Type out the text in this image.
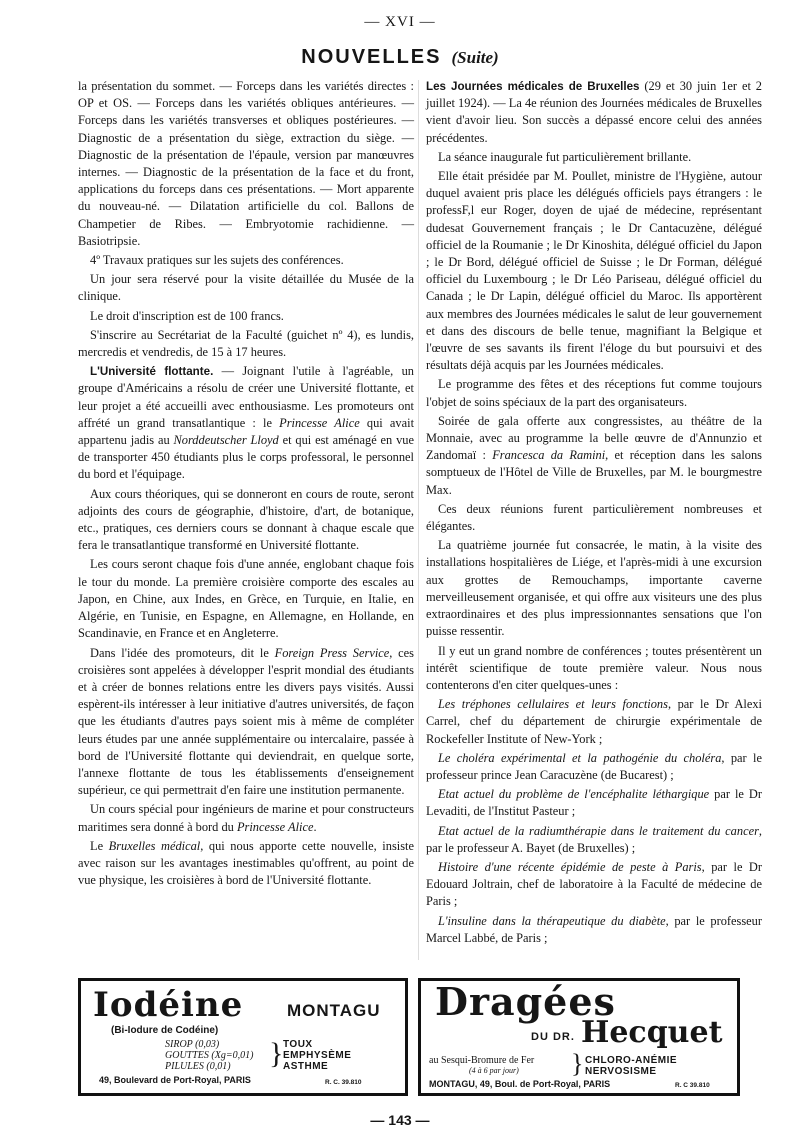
— XVI —
NOUVELLES (Suite)

la présentation du sommet. — Forceps dans les variétés directes : OP et OS. — Forceps dans les variétés obliques antérieures. — Forceps dans les variétés transverses et obliques postérieures. — Diagnostic de a présentation du siège, extraction du siège. — Diagnostic de la présentation de l'épaule, version par manœuvres internes. — Diagnostic de la présentation de la face et du front, applications du forceps dans ces présentations. — Mort apparente du nouveau-né. — Dilatation artificielle du col. Ballons de Champetier de Ribes. — Embryotomie rachidienne. — Basiotripsie.

4º Travaux pratiques sur les sujets des conférences.

Un jour sera réservé pour la visite détaillée du Musée de la clinique.

Le droit d'inscription est de 100 francs.

S'inscrire au Secrétariat de la Faculté (guichet nº 4), es lundis, mercredis et vendredis, de 15 à 17 heures.

L'Université flottante. — Joignant l'utile à l'agréable, un groupe d'Américains a résolu de créer une Université flottante, et leur projet a été accueilli avec enthousiasme. Les promoteurs ont affrété un grand transatlantique : le Princesse Alice qui avait appartenu jadis au Norddeutscher Lloyd et qui est aménagé en vue de transporter 450 étudiants plus le corps professoral, le personnel du bord et l'équipage.

Aux cours théoriques, qui se donneront en cours de route, seront adjoints des cours de géographie, d'histoire, d'art, de botanique, etc., pratiques, ces derniers cours se donnant à chaque escale que fera le transatlantique transformé en Université flottante.

Les cours seront chaque fois d'une année, englobant chaque fois le tour du monde. La première croisière comporte des escales au Japon, en Chine, aux Indes, en Grèce, en Turquie, en Italie, en Algérie, en Tunisie, en Espagne, en Allemagne, en Hollande, en Scandinavie, en France et en Angleterre.

Dans l'idée des promoteurs, dit le Foreign Press Service, ces croisières sont appelées à développer l'esprit mondial des étudiants et à créer de bonnes relations entre les divers pays visités. Aussi espèrent-ils intéresser à leur initiative d'autres universités, de façon que les étudiants d'autres pays soient mis à même de compléter leurs études par une année supplémentaire ou intercalaire, passée à bord de l'Université flottante qui deviendrait, en quelque sorte, l'annexe flottante de tous les établissements d'enseignement supérieur, ce qui permettrait d'en faire une institution permanente.

Un cours spécial pour ingénieurs de marine et pour constructeurs maritimes sera donné à bord du Princesse Alice.

Le Bruxelles médical, qui nous apporte cette nouvelle, insiste avec raison sur les avantages inestimables qu'offrent, au point de vue physique, les croisières à bord de l'Université flottante.

Les Journées médicales de Bruxelles (29 et 30 juin 1er et 2 juillet 1924). — La 4e réunion des Journées médicales de Bruxelles vient d'avoir lieu. Son succès a dépassé encore celui des années précédentes.

La séance inaugurale fut particulièrement brillante.

Elle était présidée par M. Poullet, ministre de l'Hygiène, autour duquel avaient pris place les délégués officiels pays étrangers : le professF,l eur Roger, doyen de ujaé de médecine, représentant dudesat Gouvernement français ; le Dr Cantacuzène, délégué officiel de la Roumanie ; le Dr Kinoshita, délégué officiel du Japon ; le Dr Bord, délégué officiel de Suisse ; le Dr Forman, délégué officiel du Luxembourg ; le Dr Léo Pariseau, délégué officiel du Canada ; le Dr Lapin, délégué officiel du Maroc. Ils apportèrent aux membres des Journées médicales le salut de leur gouvernement et dans des discours de belle tenue, magnifiant la Belgique et l'œuvre de ses savants ils firent l'éloge du but poursuivi et des résultats déjà acquis par les Journées médicales.

Le programme des fêtes et des réceptions fut comme toujours l'objet de soins spéciaux de la part des organisateurs.

Soirée de gala offerte aux congressistes, au théâtre de la Monnaie, avec au programme la belle œuvre de d'Annunzio et Zandomaï : Francesca da Ramini, et réception dans les salons somptueux de l'Hôtel de Ville de Bruxelles, par M. le bourgmestre Max.

Ces deux réunions furent particulièrement nombreuses et élégantes.

La quatrième journée fut consacrée, le matin, à la visite des installations hospitalières de Liége, et l'après-midi à une excursion aux grottes de Remouchamps, importante caverne merveilleusement organisée, et qui offre aux visiteurs une des plus extraordinaires et des plus impressionnantes sensations que l'on puisse ressentir.

Il y eut un grand nombre de conférences ; toutes présentèrent un intérêt scientifique de toute première valeur. Nous nous contenterons d'en citer quelques-unes :

Les tréphones cellulaires et leurs fonctions, par le Dr Alexi Carrel, chef du département de chirurgie expérimentale de Rockefeller Institute of New-York ;

Le choléra expérimental et la pathogénie du choléra, par le professeur prince Jean Caracuzène (de Bucarest) ;

Etat actuel du problème de l'encéphalite léthargique par le Dr Levaditi, de l'Institut Pasteur ;

Etat actuel de la radiumthérapie dans le traitement du cancer, par le professeur A. Bayet (de Bruxelles) ;

Histoire d'une récente épidémie de peste à Paris, par le Dr Edouard Joltrain, chef de laboratoire à la Faculté de médecine de Paris ;

L'insuline dans la thérapeutique du diabète, par le professeur Marcel Labbé, de Paris ;

Iodéine	MONTAGU
(Bi-Iodure de Codéine)
SIROP (0,03)
GOUTTES (Xg=0,01)
PILULES (0,01)	} TOUX
EMPHYSÈME
ASTHME
49, Boulevard de Port-Royal, PARIS	R. C. 39.810
Dragées
DU DR. Hecquet
au Sesqui-Bromure de Fer
(4 à 6 par jour) } CHLORO-ANÉMIE
NERVOSISME
MONTAGU, 49, Boul. de Port-Royal, PARIS	R. C 39.810
— 143 —
